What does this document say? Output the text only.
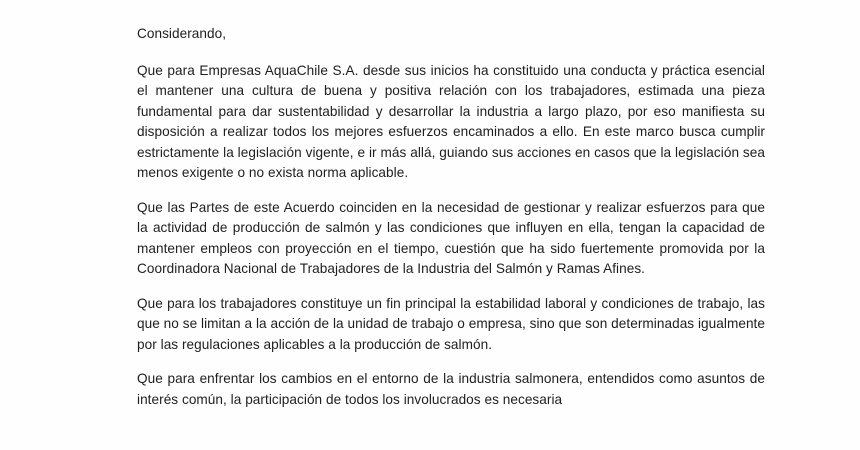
Considerando,

Que para Empresas AquaChile S.A. desde sus inicios ha constituido una conducta y práctica esencial el mantener una cultura de buena y positiva relación con los trabajadores, estimada una pieza fundamental para dar sustentabilidad y desarrollar la industria a largo plazo, por eso manifiesta su disposición a realizar todos los mejores esfuerzos encaminados a ello. En este marco busca cumplir estrictamente la legislación vigente, e ir más allá, guiando sus acciones en casos que la legislación sea menos exigente o no exista norma aplicable.

Que las Partes de este Acuerdo coinciden en la necesidad de gestionar y realizar esfuerzos para que la actividad de producción de salmón y las condiciones que influyen en ella, tengan la capacidad de mantener empleos con proyección en el tiempo, cuestión que ha sido fuertemente promovida por la Coordinadora Nacional de Trabajadores de la Industria del Salmón y Ramas Afines.

Que para los trabajadores constituye un fin principal la estabilidad laboral y condiciones de trabajo, las que no se limitan a la acción de la unidad de trabajo o empresa, sino que son determinadas igualmente por las regulaciones aplicables a la producción de salmón.

Que para enfrentar los cambios en el entorno de la industria salmonera, entendidos como asuntos de interés común, la participación de todos los involucrados es necesaria
